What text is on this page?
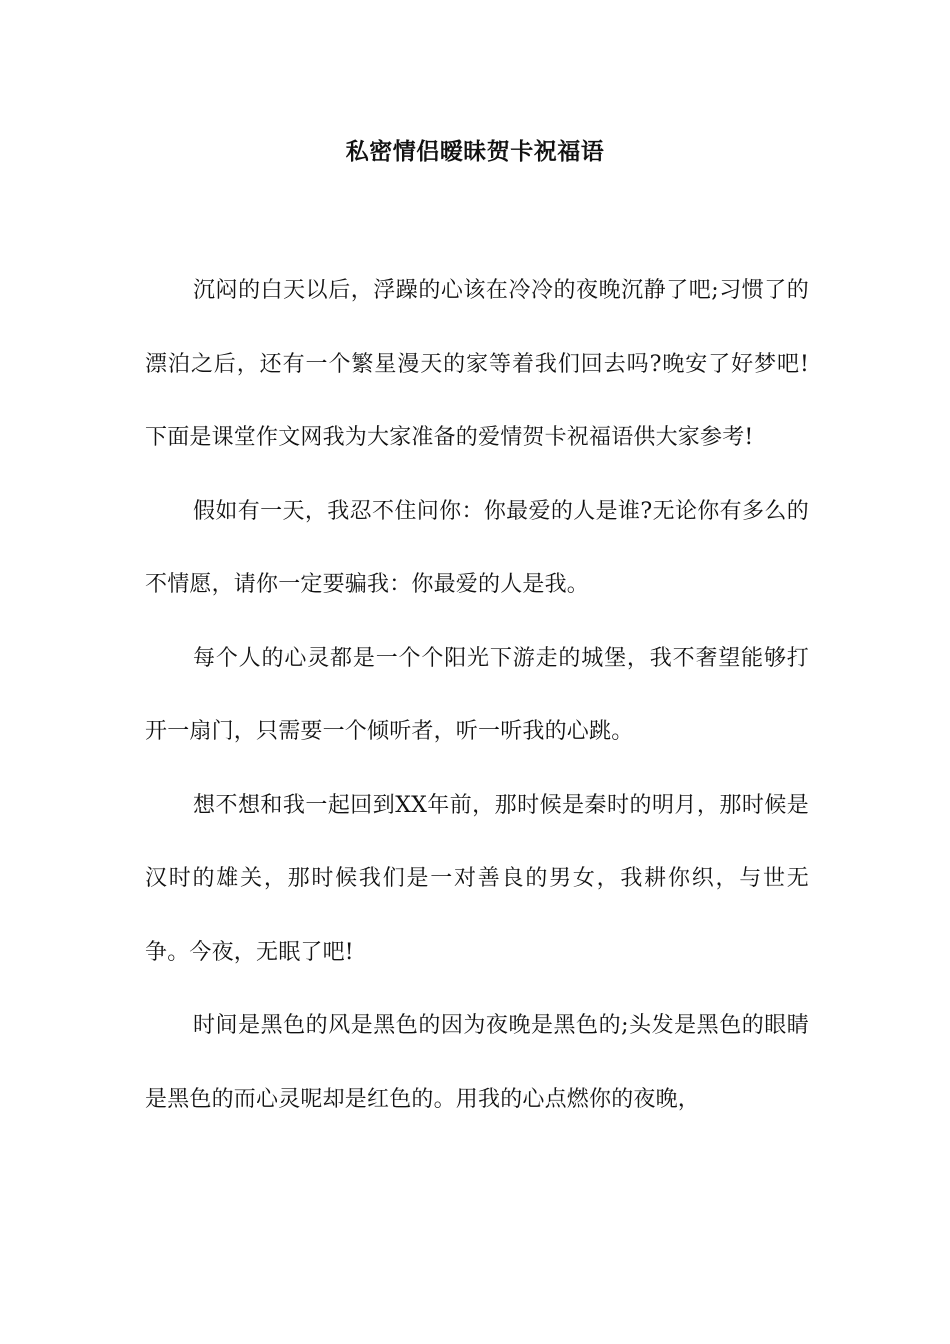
私密情侣暧昧贺卡祝福语

沉闷的白天以后，浮躁的心该在冷冷的夜晚沉静了吧;习惯了的漂泊之后，还有一个繁星漫天的家等着我们回去吗?晚安了好梦吧!下面是课堂作文网我为大家准备的爱情贺卡祝福语供大家参考!

假如有一天，我忍不住问你：你最爱的人是谁?无论你有多么的不情愿，请你一定要骗我：你最爱的人是我。

每个人的心灵都是一个个阳光下游走的城堡，我不奢望能够打开一扇门，只需要一个倾听者，听一听我的心跳。

想不想和我一起回到XX年前，那时候是秦时的明月，那时候是汉时的雄关，那时候我们是一对善良的男女，我耕你织，与世无争。今夜，无眠了吧!

时间是黑色的风是黑色的因为夜晚是黑色的;头发是黑色的眼睛是黑色的而心灵呢却是红色的。用我的心点燃你的夜晚，
